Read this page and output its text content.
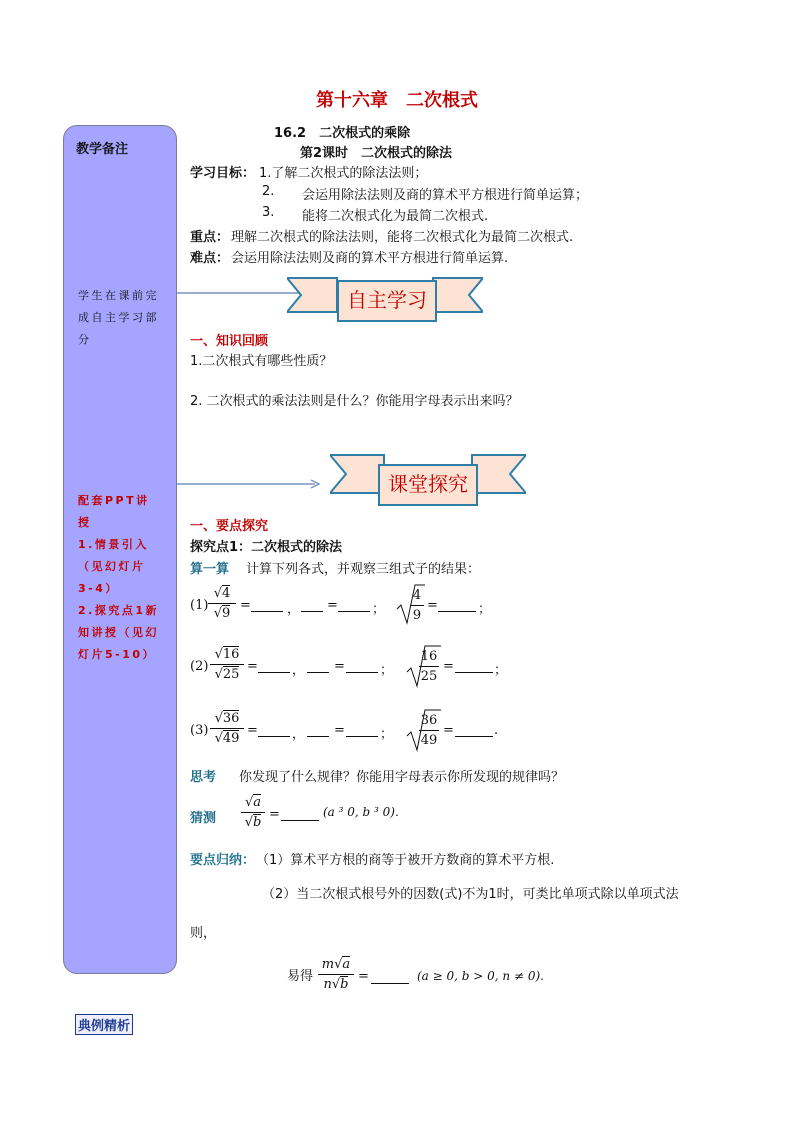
第十六章　二次根式
教学备注
学生在课前完成自主学习部分
配套PPT讲授
1.情景引入（见幻灯片3-4）
2.探究点1新知讲授（见幻灯片5-10）
16.2　二次根式的乘除
第2课时　二次根式的除法
学习目标： 1.了解二次根式的除法法则；
2. 会运用除法法则及商的算术平方根进行简单运算；
3. 能将二次根式化为最简二次根式.
重点： 理解二次根式的除法法则，能将二次根式化为最简二次根式.
难点： 会运用除法法则及商的算术平方根进行简单运算.
自主学习
一、知识回顾
1.二次根式有哪些性质？
2. 二次根式的乘法法则是什么？你能用字母表示出来吗？
课堂探究
一、要点探究
探究点1：二次根式的除法
算一算 计算下列各式，并观察三组式子的结果：
(1)
√4
√9
=	， =	；
4
9
=	；
(2)
√16
√25
=	， =	；
16
25
=	；
(3)
√36
√49
=	， =	；
36
49
=	.
思考 你发现了什么规律？你能用字母表示你所发现的规律吗？
猜测
√a
√b
=	(a ³ 0, b ³ 0).
要点归纳： （1）算术平方根的商等于被开方数商的算术平方根.
（2）当二次根式根号外的因数(式)不为1时，可类比单项式除以单项式法
则，
易得
m√a
n√b
=	(a ≥ 0, b > 0, n ≠ 0).
典例精析
